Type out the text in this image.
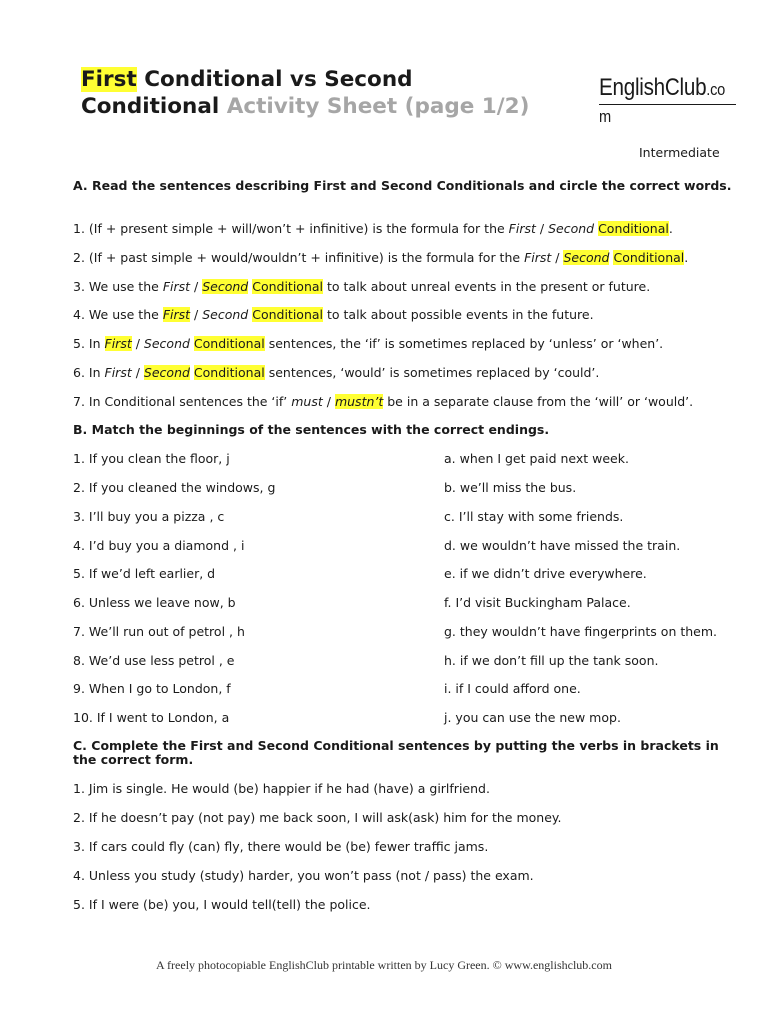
First Conditional vs Second Conditional Activity Sheet (page 1/2)
EnglishClub.co
m
Intermediate

A. Read the sentences describing First and Second Conditionals and circle the correct words.

1. (If + present simple + will/won’t + infinitive) is the formula for the First / Second Conditional.
2. (If + past simple + would/wouldn’t + infinitive) is the formula for the First / Second Conditional.
3. We use the First / Second Conditional to talk about unreal events in the present or future.
4. We use the First / Second Conditional to talk about possible events in the future.
5. In First / Second Conditional sentences, the ‘if’ is sometimes replaced by ‘unless’ or ‘when’.
6. In First / Second Conditional sentences, ‘would’ is sometimes replaced by ‘could’.
7. In Conditional sentences the ‘if’ must / mustn’t be in a separate clause from the ‘will’ or ‘would’.

B. Match the beginnings of the sentences with the correct endings.

1. If you clean the floor, j
2. If you cleaned the windows, g
3. I’ll buy you a pizza , c
4. I’d buy you a diamond , i
5. If we’d left earlier, d
6. Unless we leave now, b
7. We’ll run out of petrol , h
8. We’d use less petrol , e
9. When I go to London, f
10. If I went to London, a
a. when I get paid next week.
b. we’ll miss the bus.
c. I’ll stay with some friends.
d. we wouldn’t have missed the train.
e. if we didn’t drive everywhere.
f. I’d visit Buckingham Palace.
g. they wouldn’t have fingerprints on them.
h. if we don’t fill up the tank soon.
i. if I could afford one.
j. you can use the new mop.

C. Complete the First and Second Conditional sentences by putting the verbs in brackets in the correct form.

1. Jim is single. He would (be) happier if he had (have) a girlfriend.
2. If he doesn’t pay (not pay) me back soon, I will ask(ask) him for the money.
3. If cars could fly (can) fly, there would be (be) fewer traffic jams.
4. Unless you study (study) harder, you won’t pass (not / pass) the exam.
5. If I were (be) you, I would tell(tell) the police.
A freely photocopiable EnglishClub printable written by Lucy Green. © www.englishclub.com
